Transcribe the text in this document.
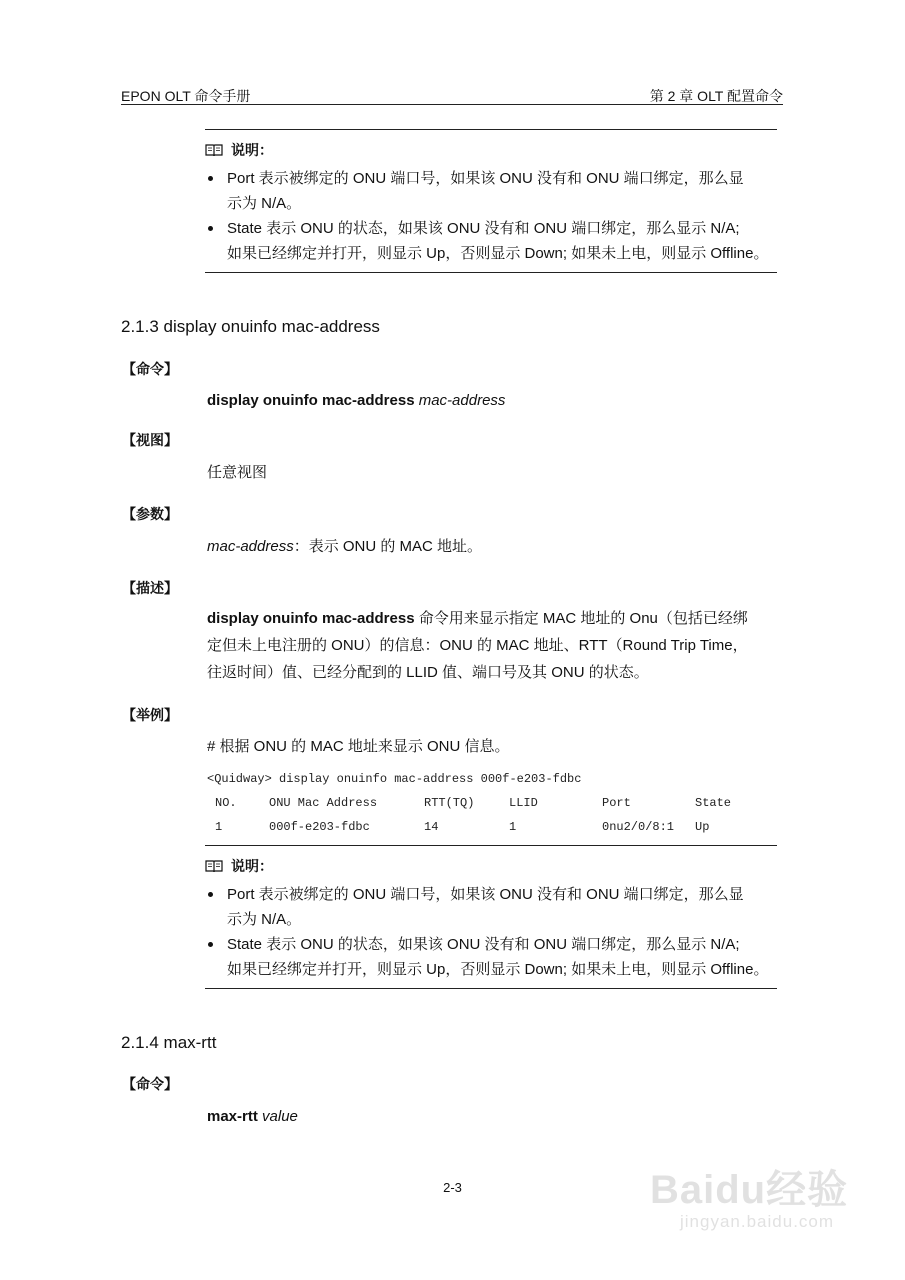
EPON OLT 命令手册	第 2 章 OLT 配置命令
说明：
Port 表示被绑定的 ONU 端口号，如果该 ONU 没有和 ONU 端口绑定，那么显
示为 N/A。
State 表示 ONU 的状态，如果该 ONU 没有和 ONU 端口绑定，那么显示 N/A;
如果已经绑定并打开，则显示 Up，否则显示 Down; 如果未上电，则显示 Offline。
2.1.3 display onuinfo mac-address
【命令】
display onuinfo mac-address mac-address
【视图】
任意视图
【参数】
mac-address：表示 ONU 的 MAC 地址。
【描述】
display onuinfo mac-address 命令用来显示指定 MAC 地址的 Onu（包括已经绑
定但未上电注册的 ONU）的信息：ONU 的 MAC 地址、RTT（Round Trip Time，
往返时间）值、已经分配到的 LLID 值、端口号及其 ONU 的状态。
【举例】
# 根据 ONU 的 MAC 地址来显示 ONU 信息。
<Quidway> display onuinfo mac-address 000f-e203-fdbc
NO.	ONU Mac Address	RTT(TQ)	LLID	Port	State
1	000f-e203-fdbc	14	1	0nu2/0/8:1 Up
说明：
Port 表示被绑定的 ONU 端口号，如果该 ONU 没有和 ONU 端口绑定，那么显
示为 N/A。
State 表示 ONU 的状态，如果该 ONU 没有和 ONU 端口绑定，那么显示 N/A;
如果已经绑定并打开，则显示 Up，否则显示 Down; 如果未上电，则显示 Offline。
2.1.4 max-rtt
【命令】
max-rtt value
2-3	Baidu经验
jingyan.baidu.com
